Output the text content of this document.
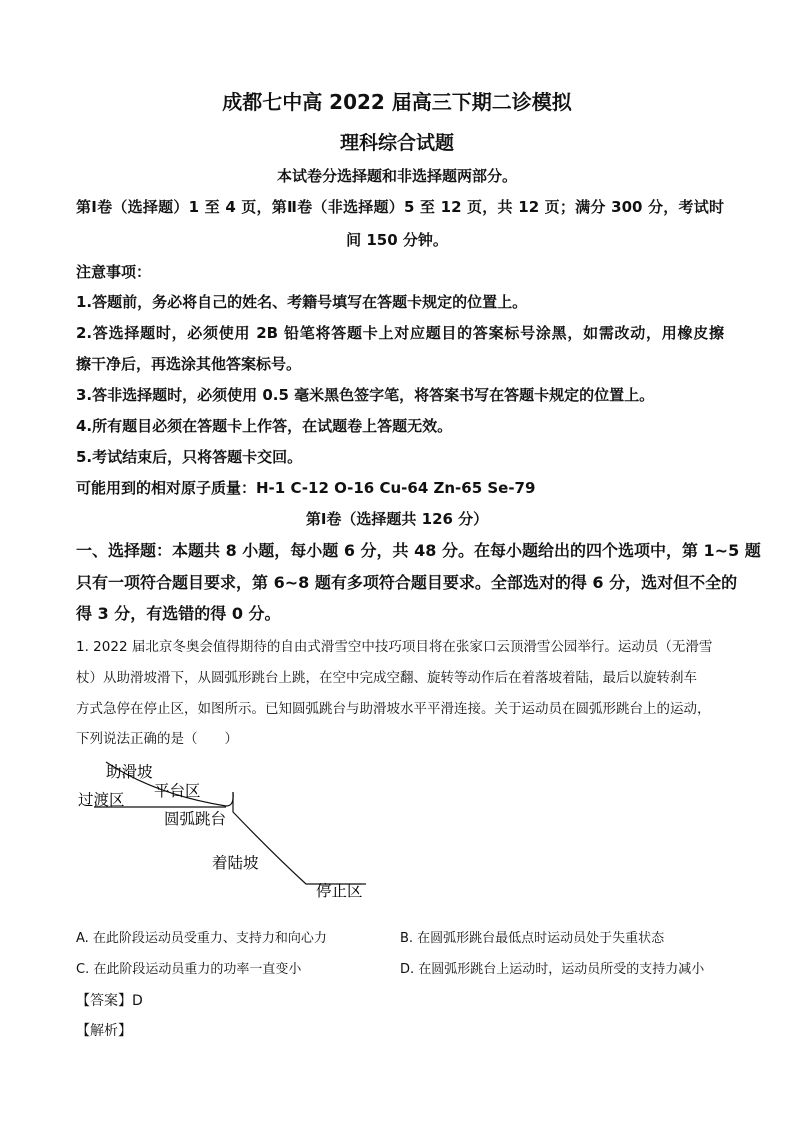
成都七中高 2022 届高三下期二诊模拟
理科综合试题
本试卷分选择题和非选择题两部分。
第Ⅰ卷（选择题）1 至 4 页，第Ⅱ卷（非选择题）5 至 12 页，共 12 页；满分 300 分，考试时
间 150 分钟。
注意事项：
1.答题前，务必将自己的姓名、考籍号填写在答题卡规定的位置上。
2.答选择题时，必须使用 2B 铅笔将答题卡上对应题目的答案标号涂黑，如需改动，用橡皮擦
擦干净后，再选涂其他答案标号。
3.答非选择题时，必须使用 0.5 毫米黑色签字笔，将答案书写在答题卡规定的位置上。
4.所有题目必须在答题卡上作答，在试题卷上答题无效。
5.考试结束后，只将答题卡交回。
可能用到的相对原子质量：H-1 C-12 O-16 Cu-64 Zn-65 Se-79
第Ⅰ卷（选择题共 126 分）
一、选择题：本题共 8 小题，每小题 6 分，共 48 分。在每小题给出的四个选项中，第 1~5 题
只有一项符合题目要求，第 6~8 题有多项符合题目要求。全部选对的得 6 分，选对但不全的
得 3 分，有选错的得 0 分。
1. 2022 届北京冬奥会值得期待的自由式滑雪空中技巧项目将在张家口云顶滑雪公园举行。运动员（无滑雪
杖）从助滑坡滑下，从圆弧形跳台上跳，在空中完成空翻、旋转等动作后在着落坡着陆，最后以旋转刹车
方式急停在停止区，如图所示。已知圆弧跳台与助滑坡水平平滑连接。关于运动员在圆弧形跳台上的运动，
下列说法正确的是（　　）
助滑坡
平台区
过渡区
圆弧跳台
着陆坡
停止区
A. 在此阶段运动员受重力、支持力和向心力	B. 在圆弧形跳台最低点时运动员处于失重状态
C. 在此阶段运动员重力的功率一直变小	D. 在圆弧形跳台上运动时，运动员所受的支持力减小
【答案】D
【解析】
